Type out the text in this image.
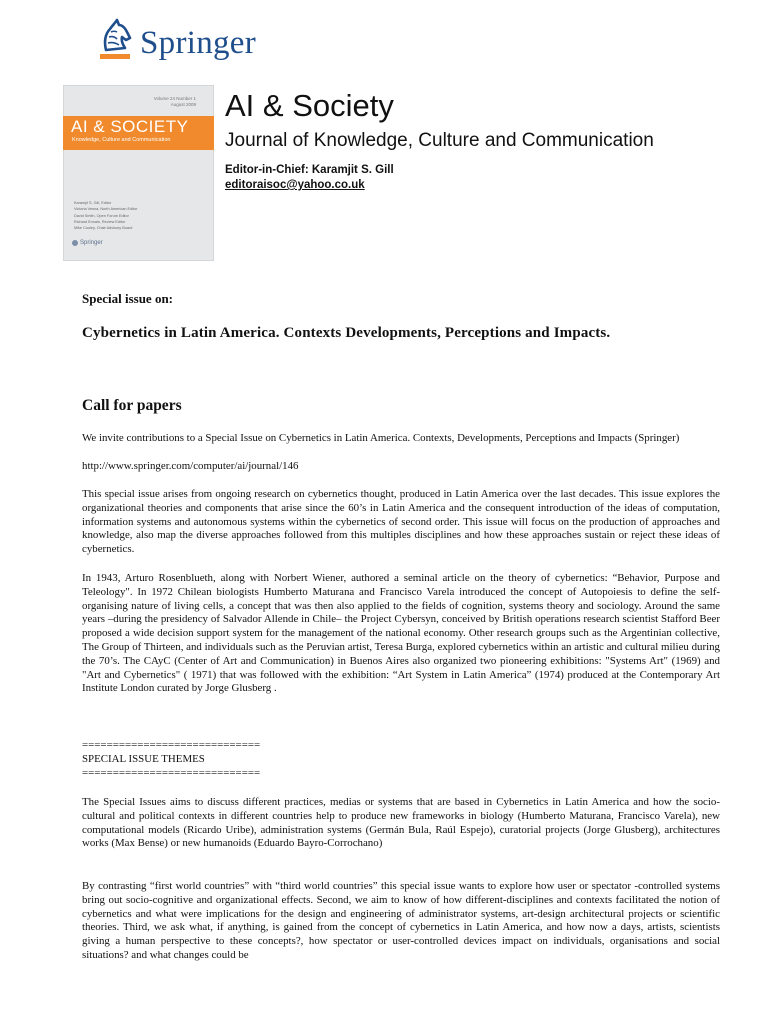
Springer
Volume 24 Number 1
August 2009
AI & SOCIETY
Knowledge, Culture and Communication
Karamjit S. Gill, Editor
Victoria Vesna, North American Editor
David Smith, Open Forum Editor
Richard Ennals, Review Editor
Mike Cooley, Chair Advisory Board
Springer
AI & Society
Journal of Knowledge, Culture and Communication
Editor-in-Chief: Karamjit S. Gill
editoraisoc@yahoo.co.uk
Special issue on:
Cybernetics in Latin America. Contexts Developments, Perceptions and Impacts.
Call for papers

We invite contributions to a Special Issue on Cybernetics in Latin America. Contexts, Developments, Perceptions and Impacts (Springer)

http://www.springer.com/computer/ai/journal/146

This special issue arises from ongoing research on cybernetics thought, produced in Latin America over the last decades. This issue explores the organizational theories and components that arise since the 60’s in Latin America and the consequent introduction of the ideas of computation, information systems and autonomous systems within the cybernetics of second order. This issue will focus on the production of approaches and knowledge, also map the diverse approaches followed from this multiples disciplines and how these approaches sustain or reject these ideas of cybernetics.

In 1943, Arturo Rosenblueth, along with Norbert Wiener, authored a seminal article on the theory of cybernetics: “Behavior, Purpose and Teleology". In 1972 Chilean biologists Humberto Maturana and Francisco Varela introduced the concept of Autopoiesis to define the self-organising nature of living cells, a concept that was then also applied to the fields of cognition, systems theory and sociology. Around the same years –during the presidency of Salvador Allende in Chile– the Project Cybersyn, conceived by British operations research scientist Stafford Beer proposed a wide decision support system for the management of the national economy. Other research groups such as the Argentinian collective, The Group of Thirteen, and individuals such as the Peruvian artist, Teresa Burga, explored cybernetics within an artistic and cultural milieu during the 70’s. The CAyC (Center of Art and Communication) in Buenos Aires also organized two pioneering exhibitions: "Systems Art" (1969) and "Art and Cybernetics" ( 1971) that was followed with the exhibition: “Art System in Latin America” (1974) produced at the Contemporary Art Institute London curated by Jorge Glusberg .

=============================

SPECIAL ISSUE THEMES

=============================

The Special Issues aims to discuss different practices, medias or systems that are based in Cybernetics in Latin America and how the socio-cultural and political contexts in different countries help to produce new frameworks in biology (Humberto Maturana, Francisco Varela), new computational models (Ricardo Uribe), administration systems (Germán Bula, Raúl Espejo), curatorial projects (Jorge Glusberg), architectures works (Max Bense) or new humanoids (Eduardo Bayro-Corrochano)

By contrasting “first world countries” with “third world countries” this special issue wants to explore how user or spectator -controlled systems bring out socio-cognitive and organizational effects. Second, we aim to know of how different-disciplines and contexts facilitated the notion of cybernetics and what were implications for the design and engineering of administrator systems, art-design architectural projects or scientific theories. Third, we ask what, if anything, is gained from the concept of cybernetics in Latin America, and how now a days, artists, scientists giving a human perspective to these concepts?, how spectator or user-controlled devices impact on individuals, organisations and social situations? and what changes could be
